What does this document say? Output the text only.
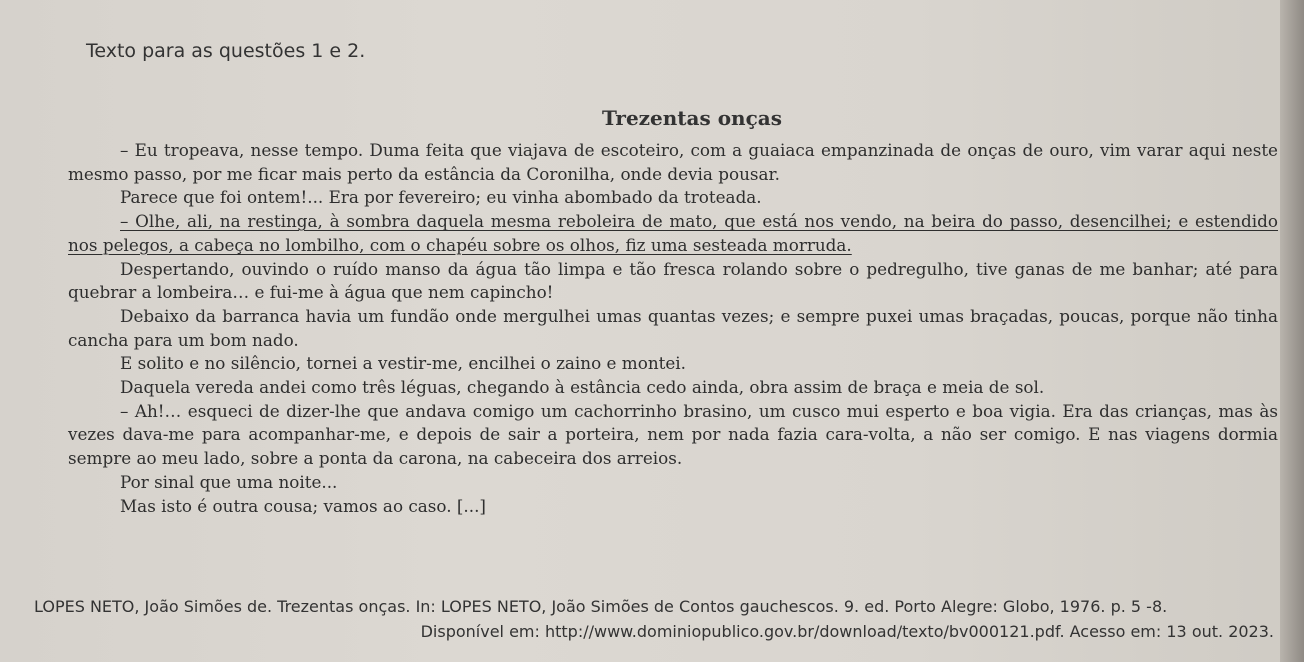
Texto para as questões 1 e 2.
Trezentas onças

– Eu tropeava, nesse tempo. Duma feita que viajava de escoteiro, com a guaiaca empanzinada de onças de ouro, vim varar aqui neste mesmo passo, por me ficar mais perto da estância da Coronilha, onde devia pousar.

Parece que foi ontem!... Era por fevereiro; eu vinha abombado da troteada.

– Olhe, ali, na restinga, à sombra daquela mesma reboleira de mato, que está nos vendo, na beira do passo, desencilhei; e estendido nos pelegos, a cabeça no lombilho, com o chapéu sobre os olhos, fiz uma sesteada morruda.

Despertando, ouvindo o ruído manso da água tão limpa e tão fresca rolando sobre o pedregulho, tive ganas de me banhar; até para quebrar a lombeira… e fui-me à água que nem capincho!

Debaixo da barranca havia um fundão onde mergulhei umas quantas vezes; e sempre puxei umas braçadas, poucas, porque não tinha cancha para um bom nado.

E solito e no silêncio, tornei a vestir-me, encilhei o zaino e montei.

Daquela vereda andei como três léguas, chegando à estância cedo ainda, obra assim de braça e meia de sol.

– Ah!… esqueci de dizer-lhe que andava comigo um cachorrinho brasino, um cusco mui esperto e boa vigia. Era das crianças, mas às vezes dava-me para acompanhar-me, e depois de sair a porteira, nem por nada fazia cara-volta, a não ser comigo. E nas viagens dormia sempre ao meu lado, sobre a ponta da carona, na cabeceira dos arreios.

Por sinal que uma noite...

Mas isto é outra cousa; vamos ao caso. [...]

LOPES NETO, João Simões de. Trezentas onças. In: LOPES NETO, João Simões de Contos gauchescos. 9. ed. Porto Alegre: Globo, 1976. p. 5 -8.
Disponível em: http://www.dominiopublico.gov.br/download/texto/bv000121.pdf. Acesso em: 13 out. 2023.
